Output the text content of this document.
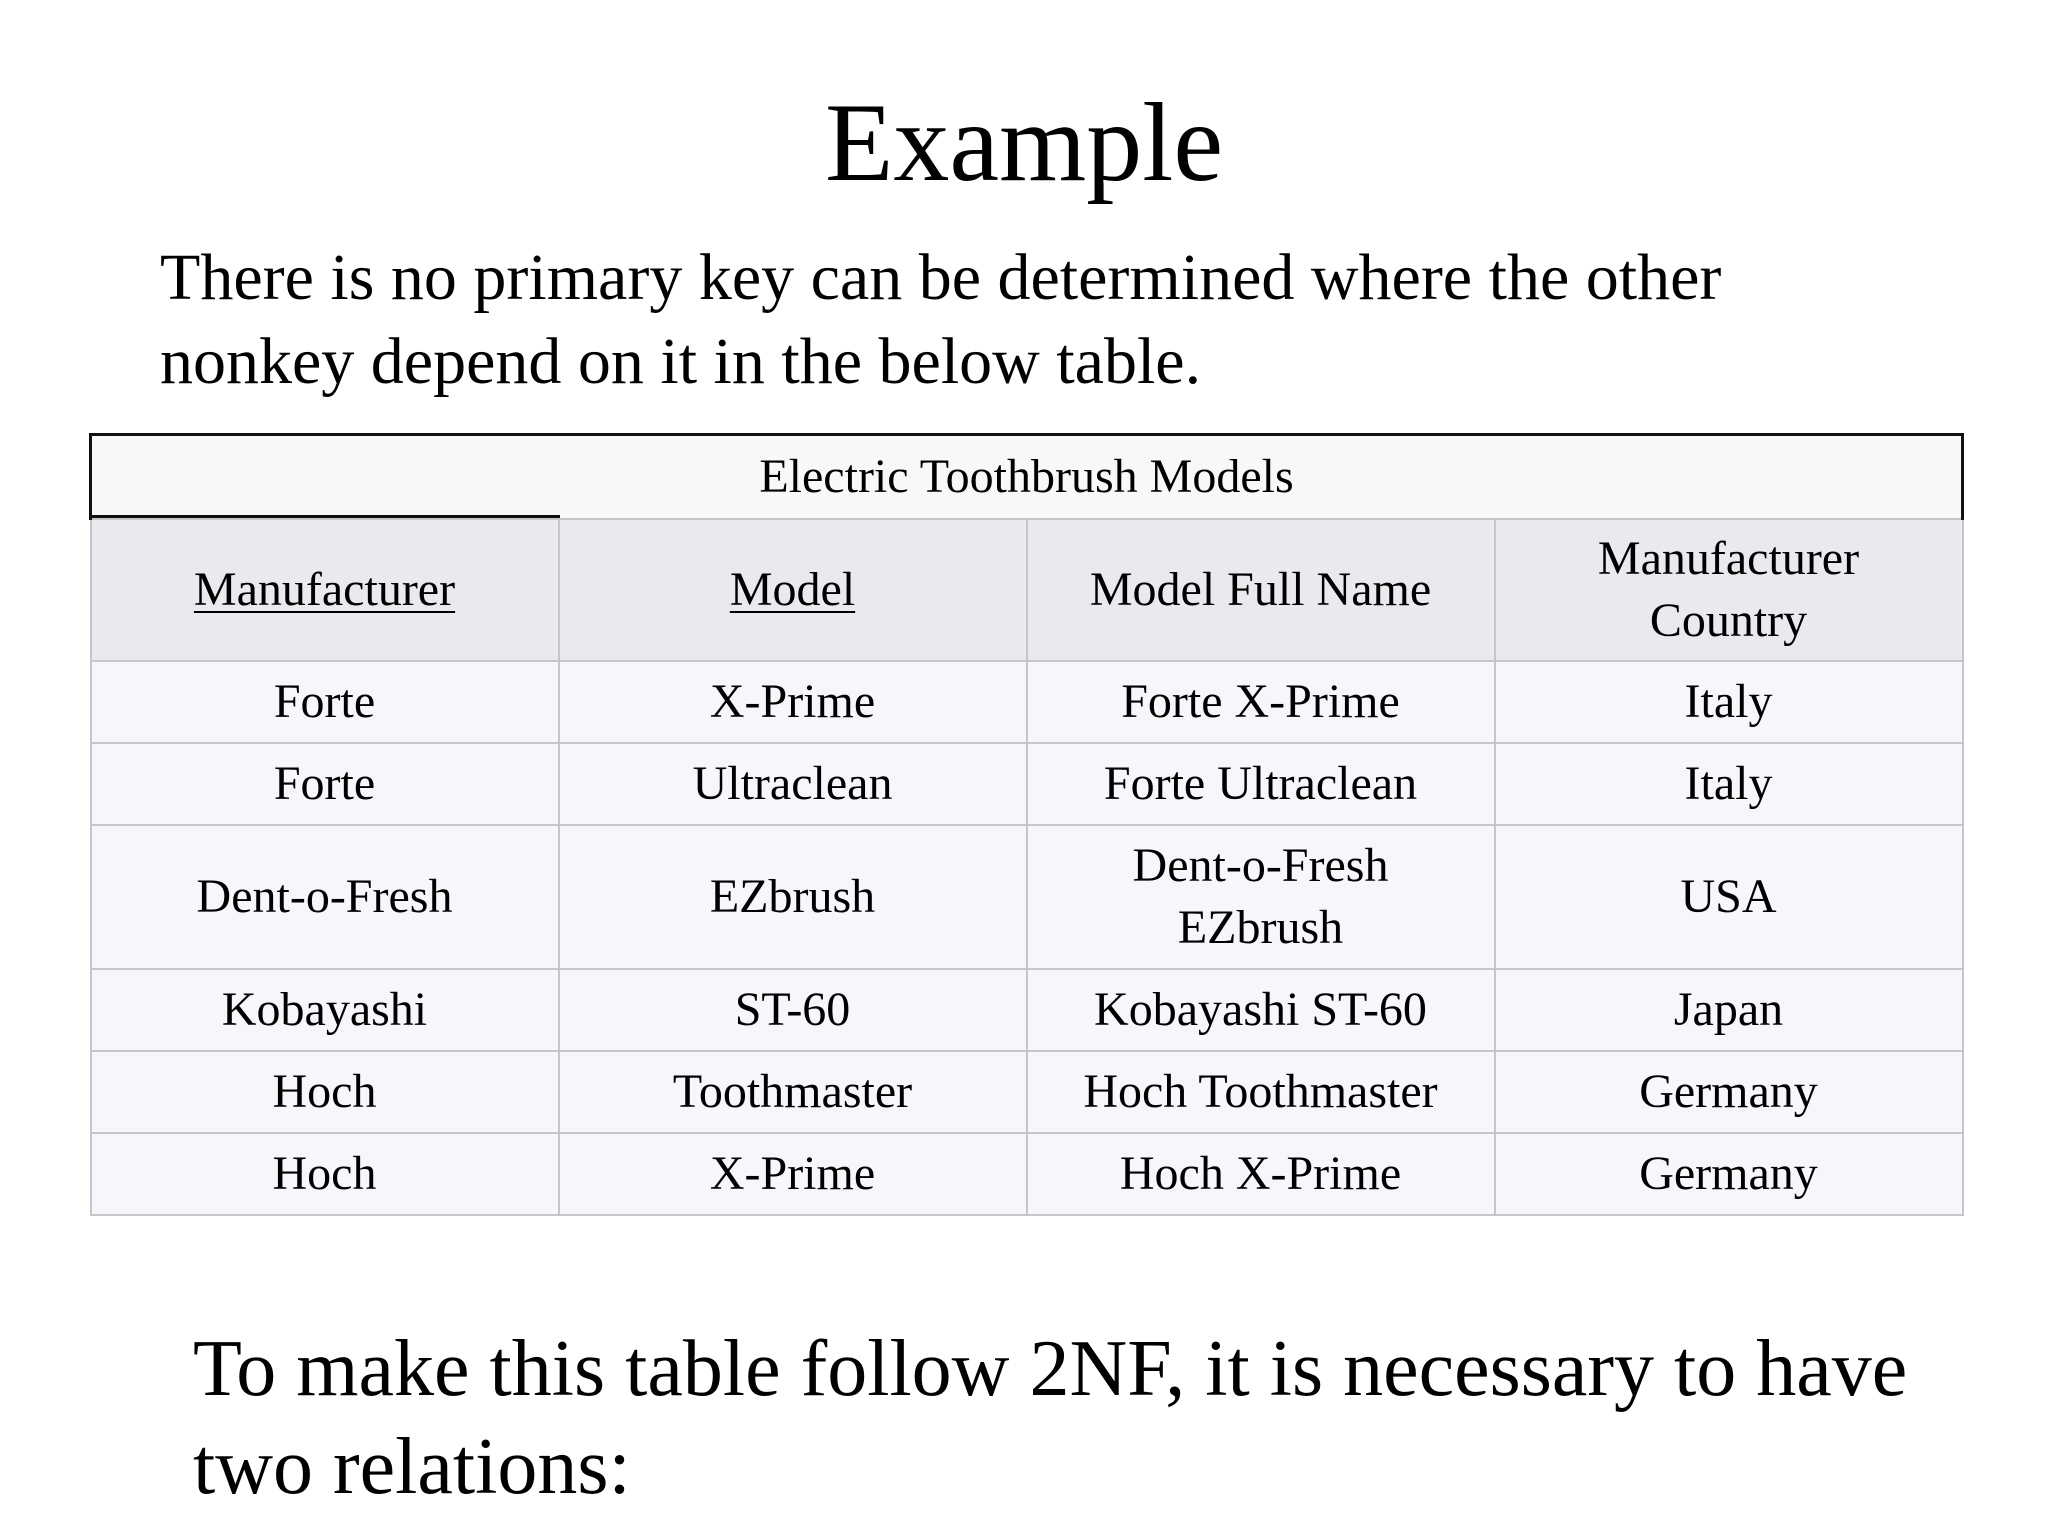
Example
There is no primary key can be determined where the other
nonkey depend on it in the below table.
Electric Toothbrush Models			

Manufacturer	Model	Model Full Name	Manufacturer Country
Forte	X-Prime	Forte X-Prime	Italy
Forte	Ultraclean	Forte Ultraclean	Italy
Dent-o-Fresh	EZbrush	Dent-o-Fresh EZbrush	USA
Kobayashi	ST-60	Kobayashi ST-60	Japan
Hoch	Toothmaster	Hoch Toothmaster	Germany
Hoch	X-Prime	Hoch X-Prime	Germany
To make this table follow 2NF, it is necessary to have
two relations:
